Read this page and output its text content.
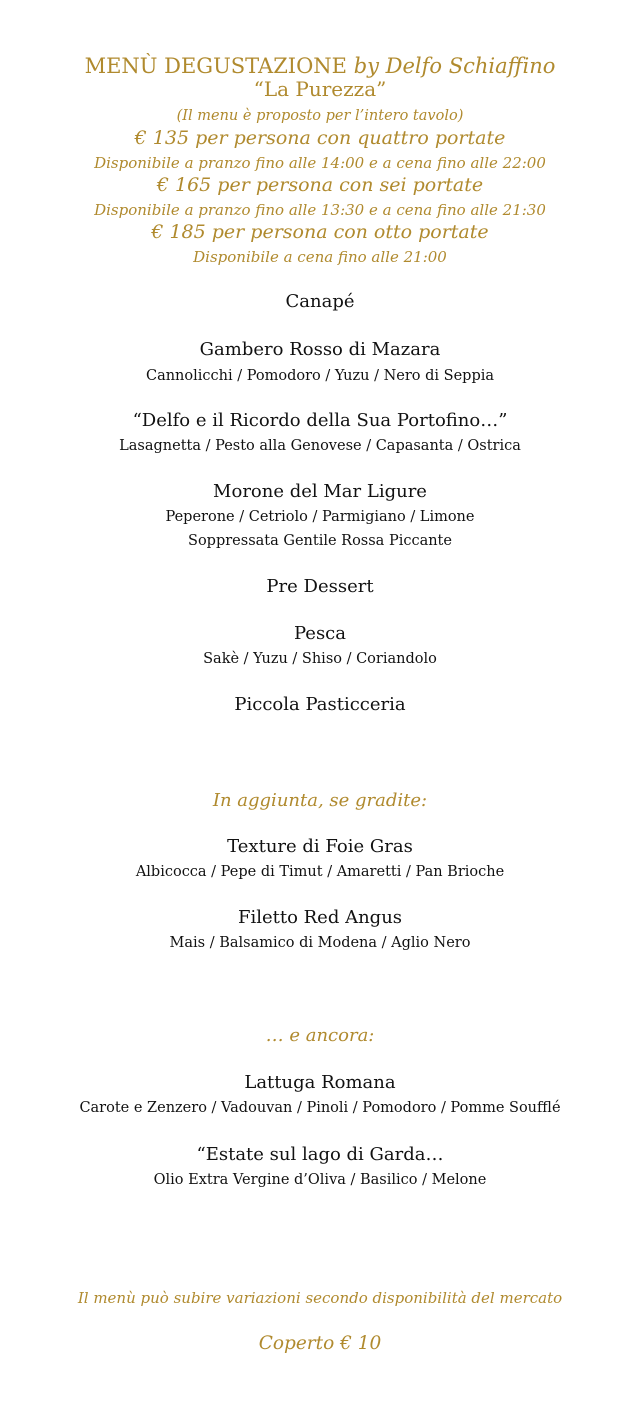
MENÙ DEGUSTAZIONE by Delfo Schiaffino
“La Purezza”
(Il menu è proposto per l’intero tavolo)
€ 135 per persona con quattro portate
Disponibile a pranzo fino alle 14:00 e a cena fino alle 22:00
€ 165 per persona con sei portate
Disponibile a pranzo fino alle 13:30 e a cena fino alle 21:30
€ 185 per persona con otto portate
Disponibile a cena fino alle 21:00
Canapé
Gambero Rosso di Mazara
Cannolicchi / Pomodoro / Yuzu / Nero di Seppia
“Delfo e il Ricordo della Sua Portofino…”
Lasagnetta / Pesto alla Genovese / Capasanta / Ostrica
Morone del Mar Ligure
Peperone / Cetriolo / Parmigiano / Limone
Soppressata Gentile Rossa Piccante
Pre Dessert
Pesca
Sakè / Yuzu / Shiso / Coriandolo
Piccola Pasticceria
In aggiunta, se gradite:
Texture di Foie Gras
Albicocca / Pepe di Timut / Amaretti / Pan Brioche
Filetto Red Angus
Mais / Balsamico di Modena / Aglio Nero
… e ancora:
Lattuga Romana
Carote e Zenzero / Vadouvan / Pinoli / Pomodoro / Pomme Soufflé
“Estate sul lago di Garda…
Olio Extra Vergine d’Oliva / Basilico / Melone
Il menù può subire variazioni secondo disponibilità del mercato
Coperto € 10
